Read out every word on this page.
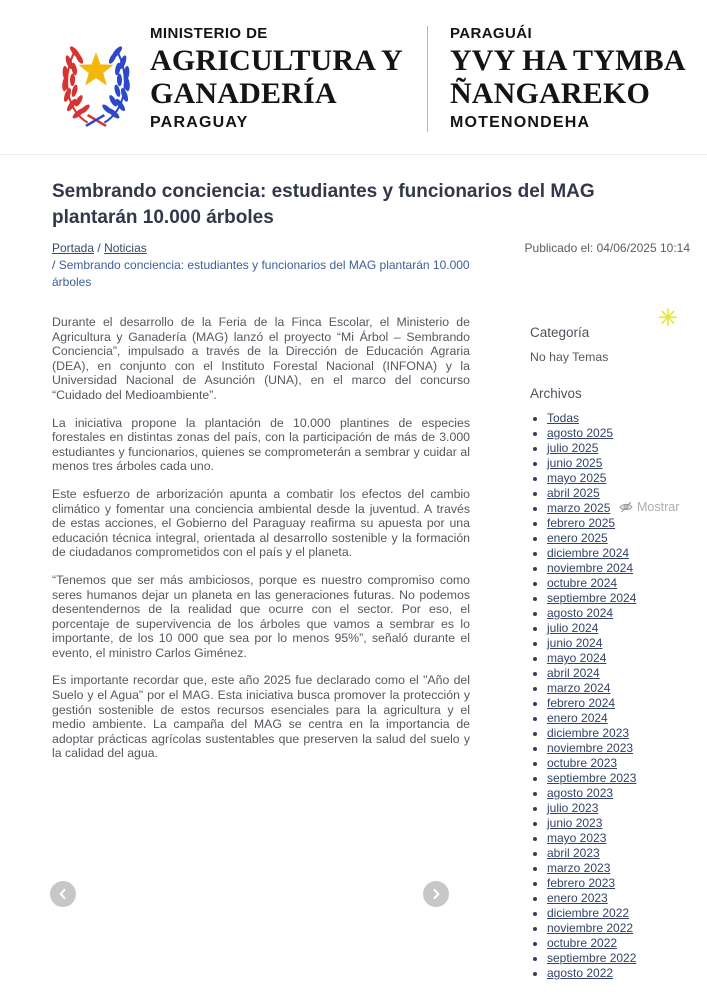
MINISTERIO DE
AGRICULTURA Y
GANADERÍA
PARAGUAY
PARAGUÁI
YVY HA TYMBA
ÑANGAREKO
MOTENONDEHA
Sembrando conciencia: estudiantes y funcionarios del MAG plantarán 10.000 árboles
Portada / Noticias
/ Sembrando conciencia: estudiantes y funcionarios del MAG plantarán 10.000 árboles
Publicado el: 04/06/2025 10:14

Durante el desarrollo de la Feria de la Finca Escolar, el Ministerio de Agricultura y Ganadería (MAG) lanzó el proyecto “Mi Árbol – Sembrando Conciencia”, impulsado a través de la Dirección de Educación Agraria (DEA), en conjunto con el Instituto Forestal Nacional (INFONA) y la Universidad Nacional de Asunción (UNA), en el marco del concurso “Cuidado del Medioambiente”.

La iniciativa propone la plantación de 10.000 plantines de especies forestales en distintas zonas del país, con la participación de más de 3.000 estudiantes y funcionarios, quienes se comprometerán a sembrar y cuidar al menos tres árboles cada uno.

Este esfuerzo de arborización apunta a combatir los efectos del cambio climático y fomentar una conciencia ambiental desde la juventud. A través de estas acciones, el Gobierno del Paraguay reafirma su apuesta por una educación técnica integral, orientada al desarrollo sostenible y la formación de ciudadanos comprometidos con el país y el planeta.

“Tenemos que ser más ambiciosos, porque es nuestro compromiso como seres humanos dejar un planeta en las generaciones futuras. No podemos desentendernos de la realidad que ocurre con el sector. Por eso, el porcentaje de supervivencia de los árboles que vamos a sembrar es lo importante, de los 10 000 que sea por lo menos 95%”, señaló durante el evento, el ministro Carlos Giménez.

Es importante recordar que, este año 2025 fue declarado como el "Año del Suelo y el Agua" por el MAG. Esta iniciativa busca promover la protección y gestión sostenible de estos recursos esenciales para la agricultura y el medio ambiente. La campaña del MAG se centra en la importancia de adoptar prácticas agrícolas sustentables que preserven la salud del suelo y la calidad del agua.

✳
Categoría
No hay Temas
Archivos
• Todas
• agosto 2025
• julio 2025
• junio 2025
• mayo 2025
• abril 2025
• marzo 2025
• febrero 2025
• enero 2025
• diciembre 2024
• noviembre 2024
• octubre 2024
• septiembre 2024
• agosto 2024
• julio 2024
• junio 2024
• mayo 2024
• abril 2024
• marzo 2024
• febrero 2024
• enero 2024
• diciembre 2023
• noviembre 2023
• octubre 2023
• septiembre 2023
• agosto 2023
• julio 2023
• junio 2023
• mayo 2023
• abril 2023
• marzo 2023
• febrero 2023
• enero 2023
• diciembre 2022
• noviembre 2022
• octubre 2022
• septiembre 2022
• agosto 2022
Mostrar
